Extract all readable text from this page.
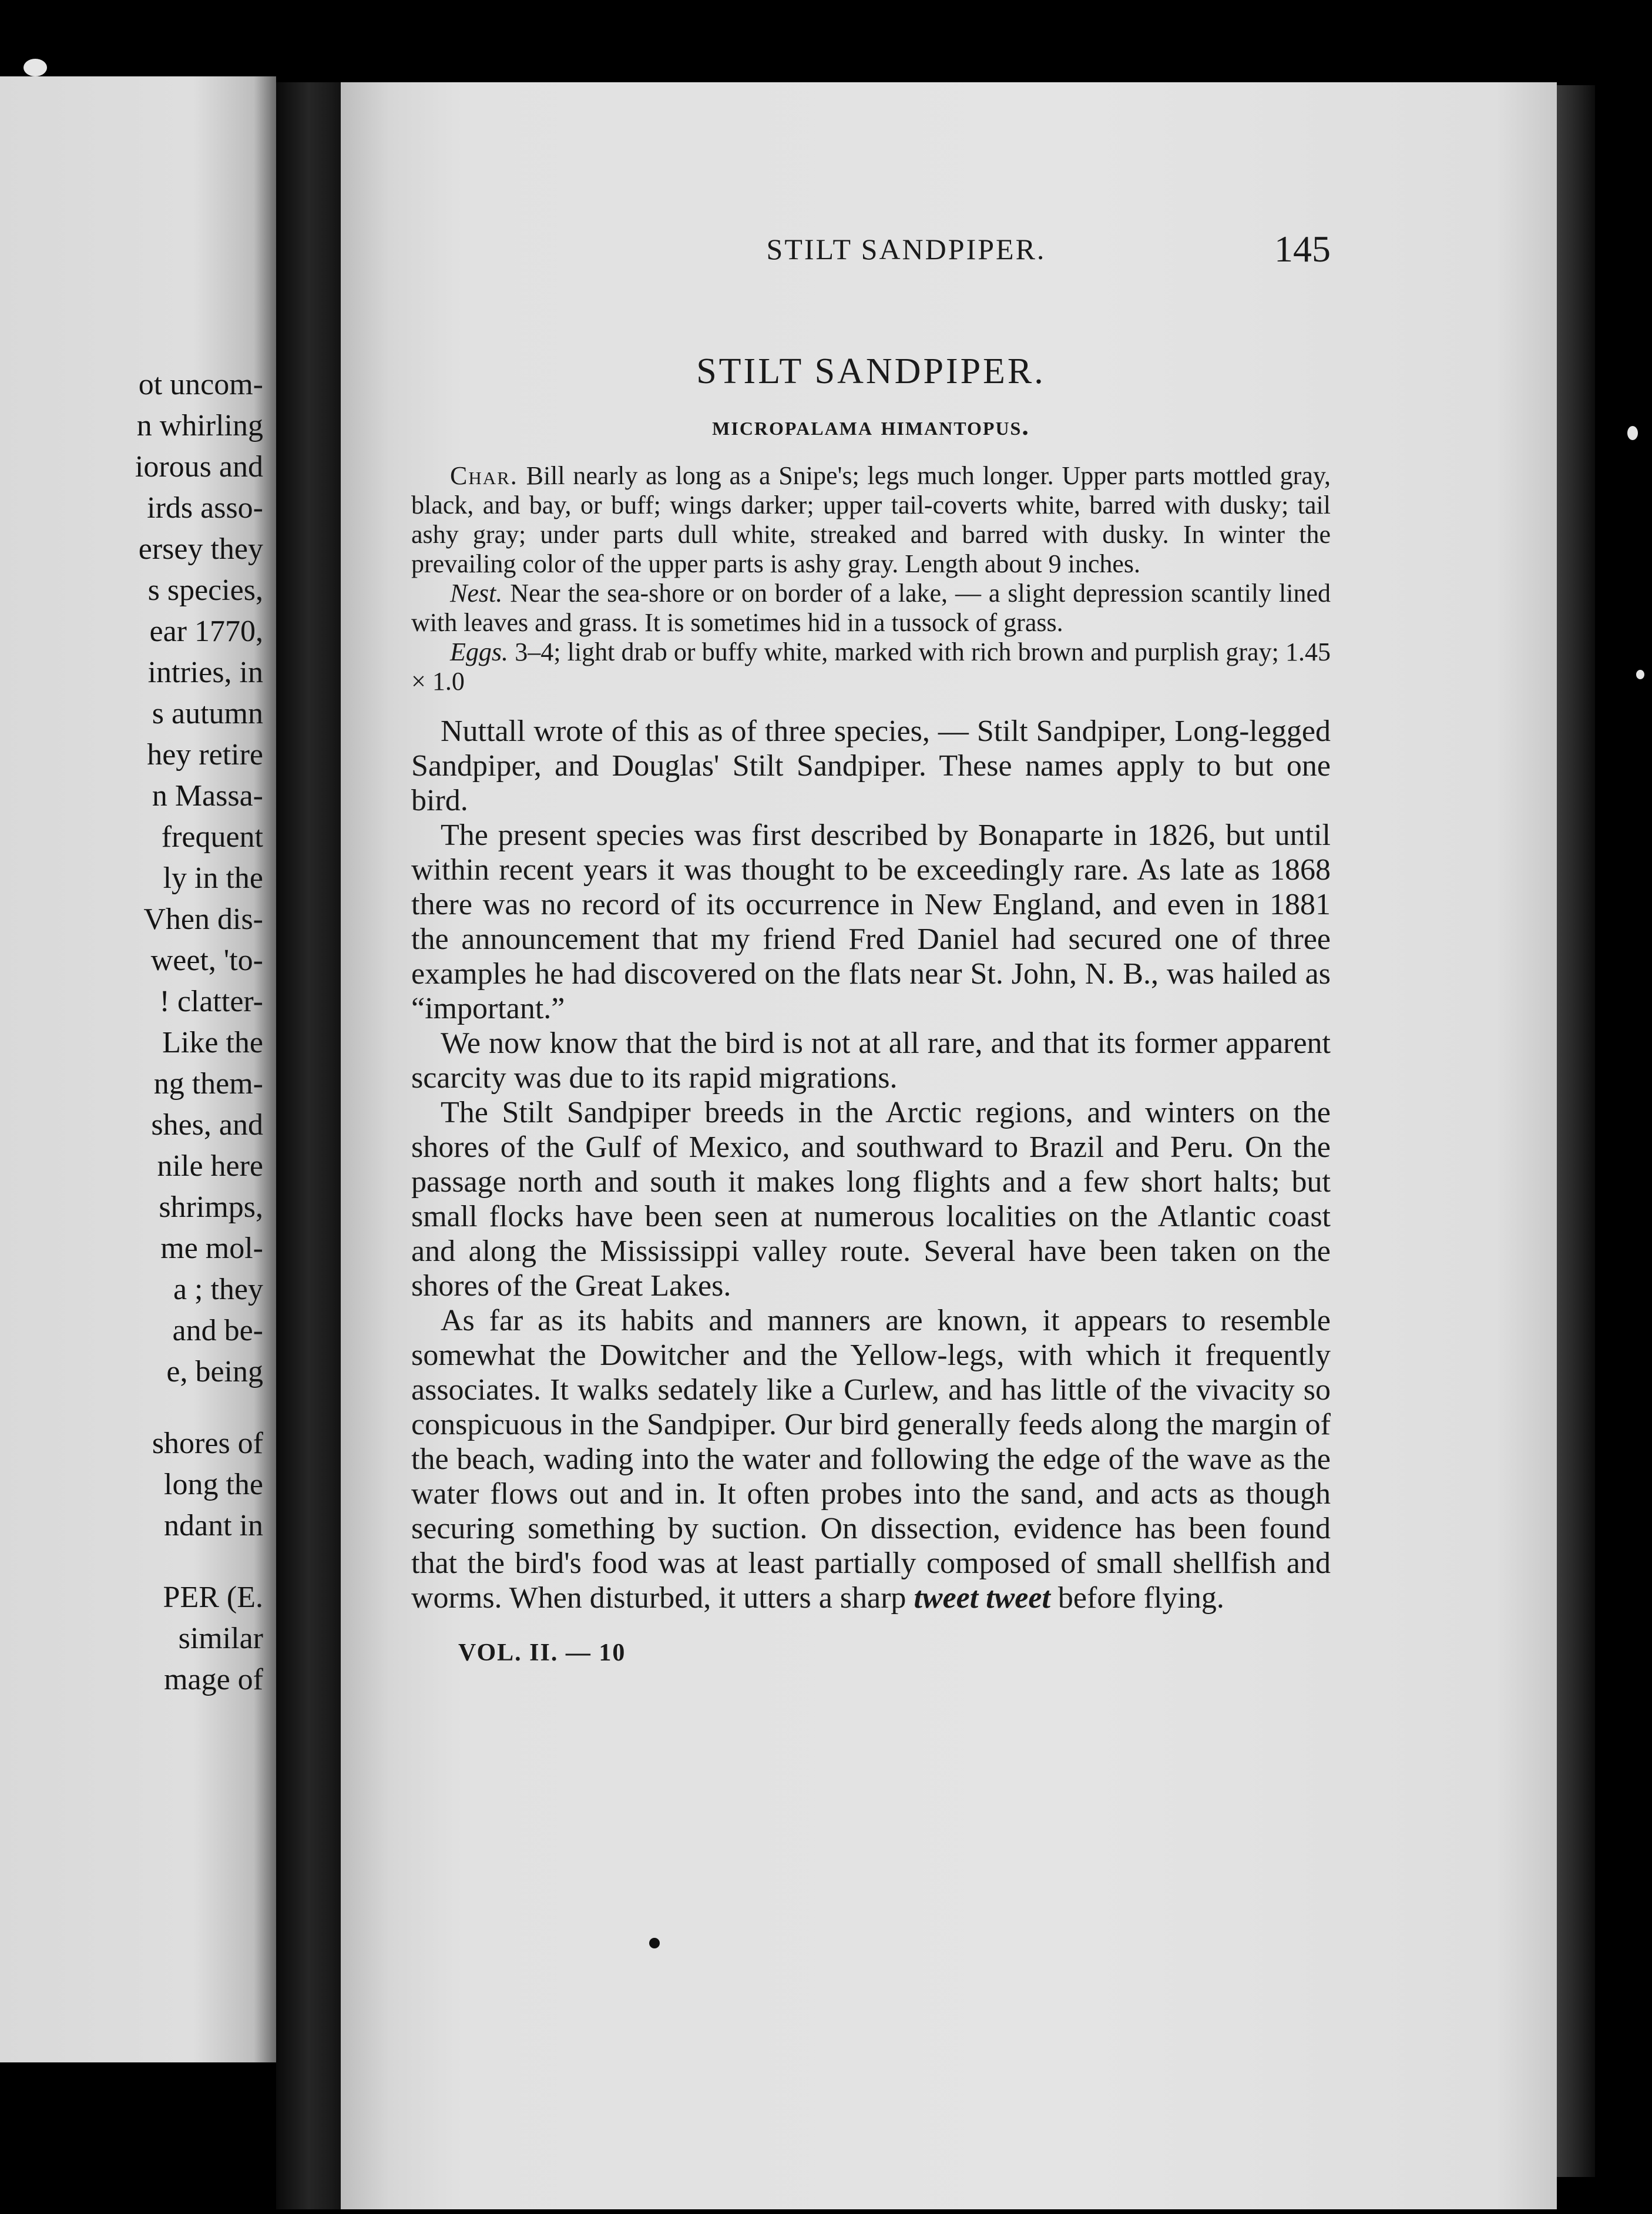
ot uncom-
n whirling
iorous and
irds asso-
ersey they
s species,
ear 1770,
intries, in
s autumn
hey retire
n Massa-
frequent
ly in the
Vhen dis-
weet, 'to-
! clatter-
Like the
ng them-
shes, and
nile here
shrimps,
me mol-
a ; they
and be-
e, being
shores of
long the
ndant in
PER (E.
similar
mage of
STILT SANDPIPER.	145
STILT SANDPIPER.
micropalama himantopus.

Char. Bill nearly as long as a Snipe's; legs much longer. Upper parts mottled gray, black, and bay, or buff; wings darker; upper tail-coverts white, barred with dusky; tail ashy gray; under parts dull white, streaked and barred with dusky. In winter the prevailing color of the upper parts is ashy gray. Length about 9 inches.

Nest. Near the sea-shore or on border of a lake, — a slight depression scantily lined with leaves and grass. It is sometimes hid in a tussock of grass.

Eggs. 3–4; light drab or buffy white, marked with rich brown and purplish gray; 1.45 × 1.0

Nuttall wrote of this as of three species, — Stilt Sandpiper, Long-legged Sandpiper, and Douglas' Stilt Sandpiper. These names apply to but one bird.

The present species was first described by Bonaparte in 1826, but until within recent years it was thought to be exceedingly rare. As late as 1868 there was no record of its occurrence in New England, and even in 1881 the announcement that my friend Fred Daniel had secured one of three examples he had discovered on the flats near St. John, N. B., was hailed as “important.”

We now know that the bird is not at all rare, and that its former apparent scarcity was due to its rapid migrations.

The Stilt Sandpiper breeds in the Arctic regions, and winters on the shores of the Gulf of Mexico, and southward to Brazil and Peru. On the passage north and south it makes long flights and a few short halts; but small flocks have been seen at numerous localities on the Atlantic coast and along the Mississippi valley route. Several have been taken on the shores of the Great Lakes.

As far as its habits and manners are known, it appears to resemble somewhat the Dowitcher and the Yellow-legs, with which it frequently associates. It walks sedately like a Curlew, and has little of the vivacity so conspicuous in the Sandpiper. Our bird generally feeds along the margin of the beach, wading into the water and following the edge of the wave as the water flows out and in. It often probes into the sand, and acts as though securing something by suction. On dissection, evidence has been found that the bird's food was at least partially composed of small shellfish and worms. When disturbed, it utters a sharp tweet tweet before flying.

VOL. II. — 10
